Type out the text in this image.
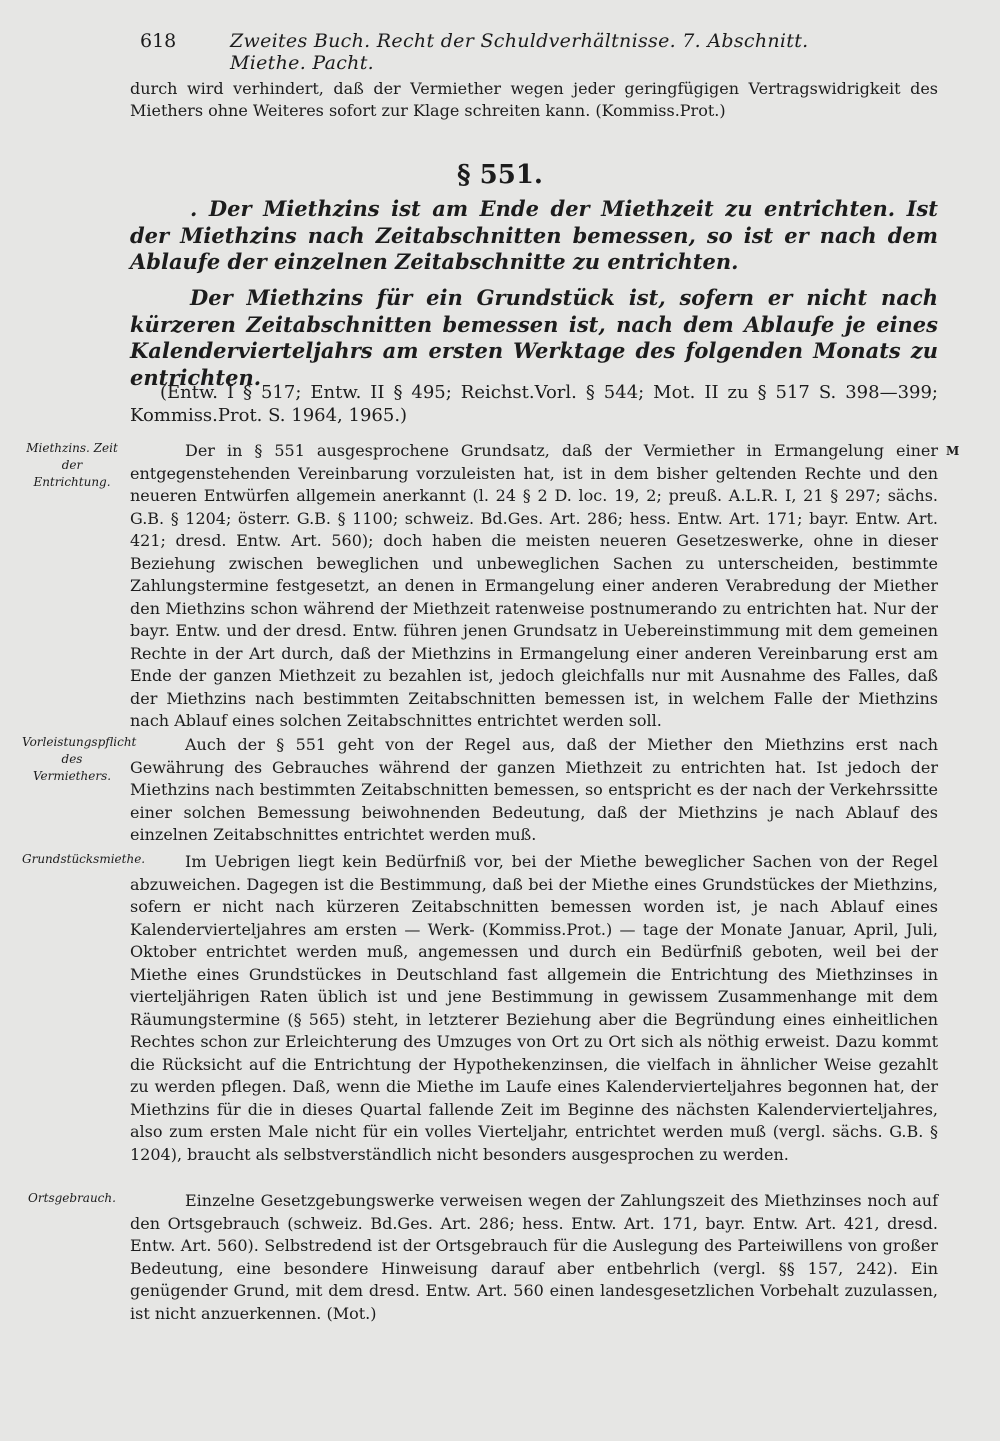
618	Zweites Buch. Recht der Schuldverhältnisse. 7. Abschnitt. Miethe. Pacht.
durch wird verhindert, daß der Vermiether wegen jeder geringfügigen Vertragswidrigkeit des Miethers ohne Weiteres sofort zur Klage schreiten kann. (Kommiss.Prot.)
§ 551.

. Der Miethzins ist am Ende der Miethzeit zu entrichten. Ist der Miethzins nach Zeitabschnitten bemessen, so ist er nach dem Ablaufe der einzelnen Zeitabschnitte zu entrichten.

Der Miethzins für ein Grundstück ist, sofern er nicht nach kürzeren Zeitabschnitten bemessen ist, nach dem Ablaufe je eines Kalendervierteljahrs am ersten Werktage des folgenden Monats zu entrichten.

(Entw. I § 517; Entw. II § 495; Reichst.Vorl. § 544; Mot. II zu § 517 S. 398—399; Kommiss.Prot. S. 1964, 1965.)

Miethzins. Zeit der Entrichtung.
Vorleistungspflicht des Vermiethers.
Grundstücksmiethe.
Ortsgebrauch.
M

Der in § 551 ausgesprochene Grundsatz, daß der Vermiether in Ermangelung einer entgegenstehenden Vereinbarung vorzuleisten hat, ist in dem bisher geltenden Rechte und den neueren Entwürfen allgemein anerkannt (l. 24 § 2 D. loc. 19, 2; preuß. A.L.R. I, 21 § 297; sächs. G.B. § 1204; österr. G.B. § 1100; schweiz. Bd.Ges. Art. 286; hess. Entw. Art. 171; bayr. Entw. Art. 421; dresd. Entw. Art. 560); doch haben die meisten neueren Gesetzeswerke, ohne in dieser Beziehung zwischen beweglichen und unbeweglichen Sachen zu unterscheiden, bestimmte Zahlungstermine festgesetzt, an denen in Ermangelung einer anderen Verabredung der Miether den Miethzins schon während der Miethzeit ratenweise postnumerando zu entrichten hat. Nur der bayr. Entw. und der dresd. Entw. führen jenen Grundsatz in Uebereinstimmung mit dem gemeinen Rechte in der Art durch, daß der Miethzins in Ermangelung einer anderen Vereinbarung erst am Ende der ganzen Miethzeit zu bezahlen ist, jedoch gleichfalls nur mit Ausnahme des Falles, daß der Miethzins nach bestimmten Zeitabschnitten bemessen ist, in welchem Falle der Miethzins nach Ablauf eines solchen Zeitabschnittes entrichtet werden soll.

Auch der § 551 geht von der Regel aus, daß der Miether den Miethzins erst nach Gewährung des Gebrauches während der ganzen Miethzeit zu entrichten hat. Ist jedoch der Miethzins nach bestimmten Zeitabschnitten bemessen, so entspricht es der nach der Verkehrssitte einer solchen Bemessung beiwohnenden Bedeutung, daß der Miethzins je nach Ablauf des einzelnen Zeitabschnittes entrichtet werden muß.

Im Uebrigen liegt kein Bedürfniß vor, bei der Miethe beweglicher Sachen von der Regel abzuweichen. Dagegen ist die Bestimmung, daß bei der Miethe eines Grundstückes der Miethzins, sofern er nicht nach kürzeren Zeitabschnitten bemessen worden ist, je nach Ablauf eines Kalendervierteljahres am ersten — Werk- (Kommiss.Prot.) — tage der Monate Januar, April, Juli, Oktober entrichtet werden muß, angemessen und durch ein Bedürfniß geboten, weil bei der Miethe eines Grundstückes in Deutschland fast allgemein die Entrichtung des Miethzinses in vierteljährigen Raten üblich ist und jene Bestimmung in gewissem Zusammenhange mit dem Räumungstermine (§ 565) steht, in letzterer Beziehung aber die Begründung eines einheitlichen Rechtes schon zur Erleichterung des Umzuges von Ort zu Ort sich als nöthig erweist. Dazu kommt die Rücksicht auf die Entrichtung der Hypothekenzinsen, die vielfach in ähnlicher Weise gezahlt zu werden pflegen. Daß, wenn die Miethe im Laufe eines Kalendervierteljahres begonnen hat, der Miethzins für die in dieses Quartal fallende Zeit im Beginne des nächsten Kalendervierteljahres, also zum ersten Male nicht für ein volles Vierteljahr, entrichtet werden muß (vergl. sächs. G.B. § 1204), braucht als selbstverständlich nicht besonders ausgesprochen zu werden.

Einzelne Gesetzgebungswerke verweisen wegen der Zahlungszeit des Miethzinses noch auf den Ortsgebrauch (schweiz. Bd.Ges. Art. 286; hess. Entw. Art. 171, bayr. Entw. Art. 421, dresd. Entw. Art. 560). Selbstredend ist der Ortsgebrauch für die Auslegung des Parteiwillens von großer Bedeutung, eine besondere Hinweisung darauf aber entbehrlich (vergl. §§ 157, 242). Ein genügender Grund, mit dem dresd. Entw. Art. 560 einen landesgesetzlichen Vorbehalt zuzulassen, ist nicht anzuerkennen. (Mot.)
